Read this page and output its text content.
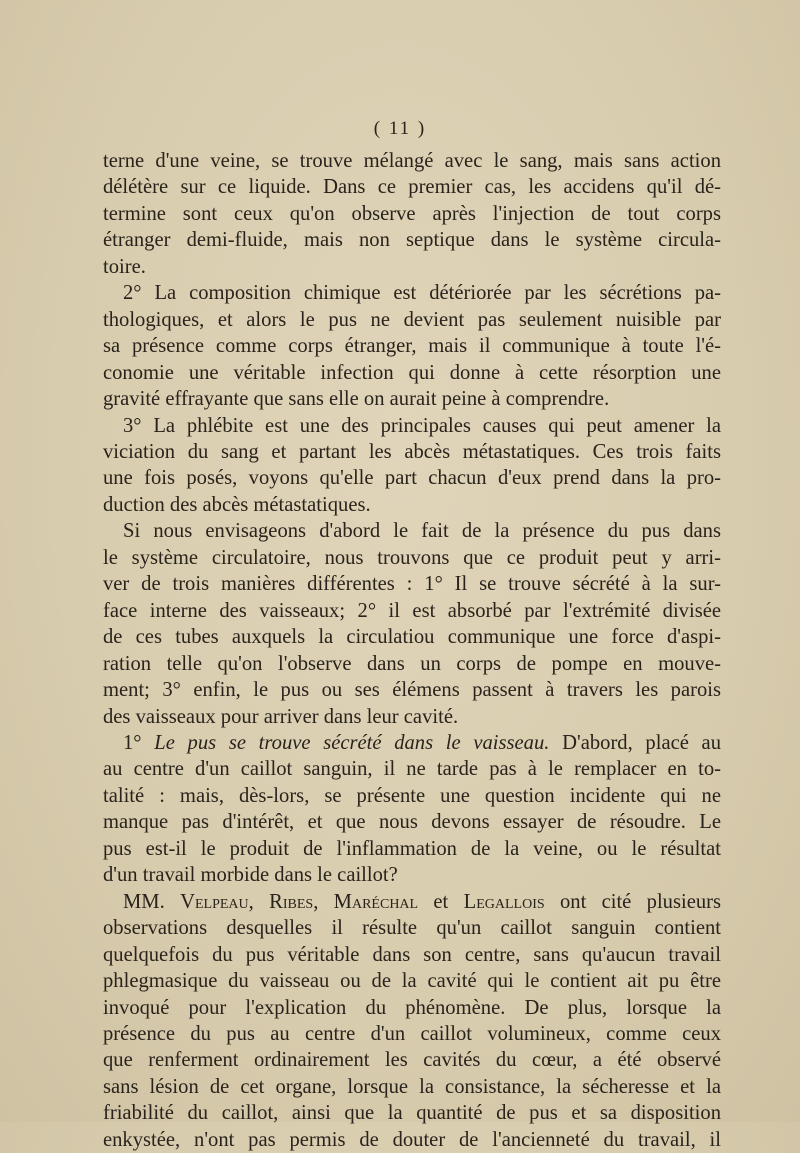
( 11 )

terne d'une veine, se trouve mélangé avec le sang, mais sans action
délétère sur ce liquide. Dans ce premier cas, les accidens qu'il dé-
termine sont ceux qu'on observe après l'injection de tout corps
étranger demi-fluide, mais non septique dans le système circula-
toire.

2° La composition chimique est détériorée par les sécrétions pa-
thologiques, et alors le pus ne devient pas seulement nuisible par
sa présence comme corps étranger, mais il communique à toute l'é-
conomie une véritable infection qui donne à cette résorption une
gravité effrayante que sans elle on aurait peine à comprendre.

3° La phlébite est une des principales causes qui peut amener la
viciation du sang et partant les abcès métastatiques. Ces trois faits
une fois posés, voyons qu'elle part chacun d'eux prend dans la pro-
duction des abcès métastatiques.

Si nous envisageons d'abord le fait de la présence du pus dans
le système circulatoire, nous trouvons que ce produit peut y arri-
ver de trois manières différentes : 1° Il se trouve sécrété à la sur-
face interne des vaisseaux; 2° il est absorbé par l'extrémité divisée
de ces tubes auxquels la circulatiou communique une force d'aspi-
ration telle qu'on l'observe dans un corps de pompe en mouve-
ment; 3° enfin, le pus ou ses élémens passent à travers les parois
des vaisseaux pour arriver dans leur cavité.

1° Le pus se trouve sécrété dans le vaisseau. D'abord, placé au
au centre d'un caillot sanguin, il ne tarde pas à le remplacer en to-
talité : mais, dès-lors, se présente une question incidente qui ne
manque pas d'intérêt, et que nous devons essayer de résoudre. Le
pus est-il le produit de l'inflammation de la veine, ou le résultat
d'un travail morbide dans le caillot?

MM. Velpeau, Ribes, Maréchal et Legallois ont cité plusieurs
observations desquelles il résulte qu'un caillot sanguin contient
quelquefois du pus véritable dans son centre, sans qu'aucun travail
phlegmasique du vaisseau ou de la cavité qui le contient ait pu être
invoqué pour l'explication du phénomène. De plus, lorsque la
présence du pus au centre d'un caillot volumineux, comme ceux
que renferment ordinairement les cavités du cœur, a été observé
sans lésion de cet organe, lorsque la consistance, la sécheresse et la
friabilité du caillot, ainsi que la quantité de pus et sa disposition
enkystée, n'ont pas permis de douter de l'ancienneté du travail, il
